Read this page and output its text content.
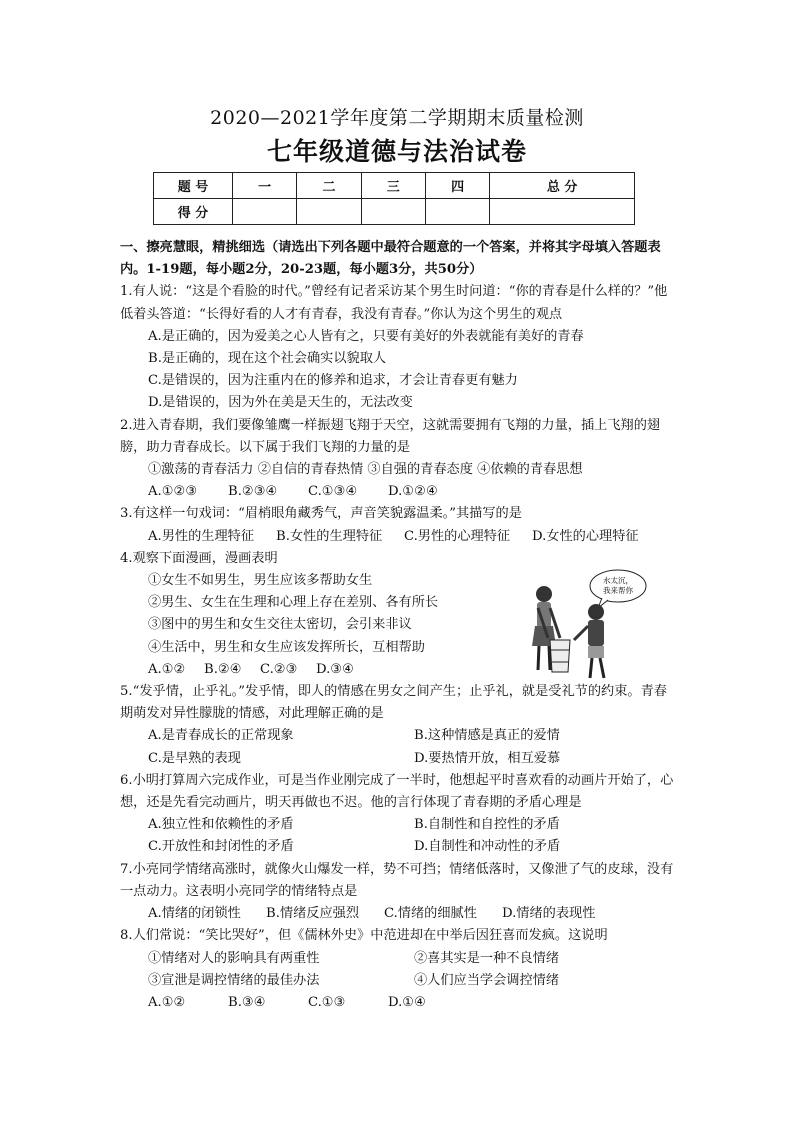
2020—2021学年度第二学期期末质量检测
七年级道德与法治试卷
题 号	一	二	三	四	总 分
得 分					
一、擦亮慧眼，精挑细选（请选出下列各题中最符合题意的一个答案，并将其字母填入答题表内。1-19题，每小题2分，20-23题，每小题3分，共50分）
1.有人说：“这是个看脸的时代。”曾经有记者采访某个男生时问道：“你的青春是什么样的？”他低着头答道：“长得好看的人才有青春，我没有青春。”你认为这个男生的观点
A.是正确的，因为爱美之心人皆有之，只要有美好的外表就能有美好的青春
B.是正确的，现在这个社会确实以貌取人
C.是错误的，因为注重内在的修养和追求，才会让青春更有魅力
D.是错误的，因为外在美是天生的，无法改变
2.进入青春期，我们要像雏鹰一样振翅飞翔于天空，这就需要拥有飞翔的力量，插上飞翔的翅膀，助力青春成长。以下属于我们飞翔的力量的是
①激荡的青春活力 ②自信的青春热情 ③自强的青春态度 ④依赖的青春思想
A.①②③	B.②③④	C.①③④	D.①②④
3.有这样一句戏词：“眉梢眼角藏秀气，声音笑貌露温柔。”其描写的是
A.男性的生理特征	B.女性的生理特征	C.男性的心理特征	D.女性的心理特征
4.观察下面漫画，漫画表明
①女生不如男生，男生应该多帮助女生
②男生、女生在生理和心理上存在差别、各有所长
③图中的男生和女生交往太密切，会引来非议
④生活中，男生和女生应该发挥所长，互相帮助
A.①②	B.②④	C.②③	D.③④
水太沉，
我来帮你
5.“发乎情，止乎礼。”发乎情，即人的情感在男女之间产生；止乎礼，就是受礼节的约束。青春期萌发对异性朦胧的情感，对此理解正确的是
A.是青春成长的正常现象	B.这种情感是真正的爱情
C.是早熟的表现	D.要热情开放，相互爱慕
6.小明打算周六完成作业，可是当作业刚完成了一半时，他想起平时喜欢看的动画片开始了，心想，还是先看完动画片，明天再做也不迟。他的言行体现了青春期的矛盾心理是
A.独立性和依赖性的矛盾	B.自制性和自控性的矛盾
C.开放性和封闭性的矛盾	D.自制性和冲动性的矛盾
7.小亮同学情绪高涨时，就像火山爆发一样，势不可挡；情绪低落时，又像泄了气的皮球，没有一点动力。这表明小亮同学的情绪特点是
A.情绪的闭锁性	B.情绪反应强烈	C.情绪的细腻性	D.情绪的表现性
8.人们常说：“笑比哭好”，但《儒林外史》中范进却在中举后因狂喜而发疯。这说明
①情绪对人的影响具有两重性	②喜其实是一种不良情绪
③宣泄是调控情绪的最佳办法	④人们应当学会调控情绪
A.①②	B.③④	C.①③	D.①④
